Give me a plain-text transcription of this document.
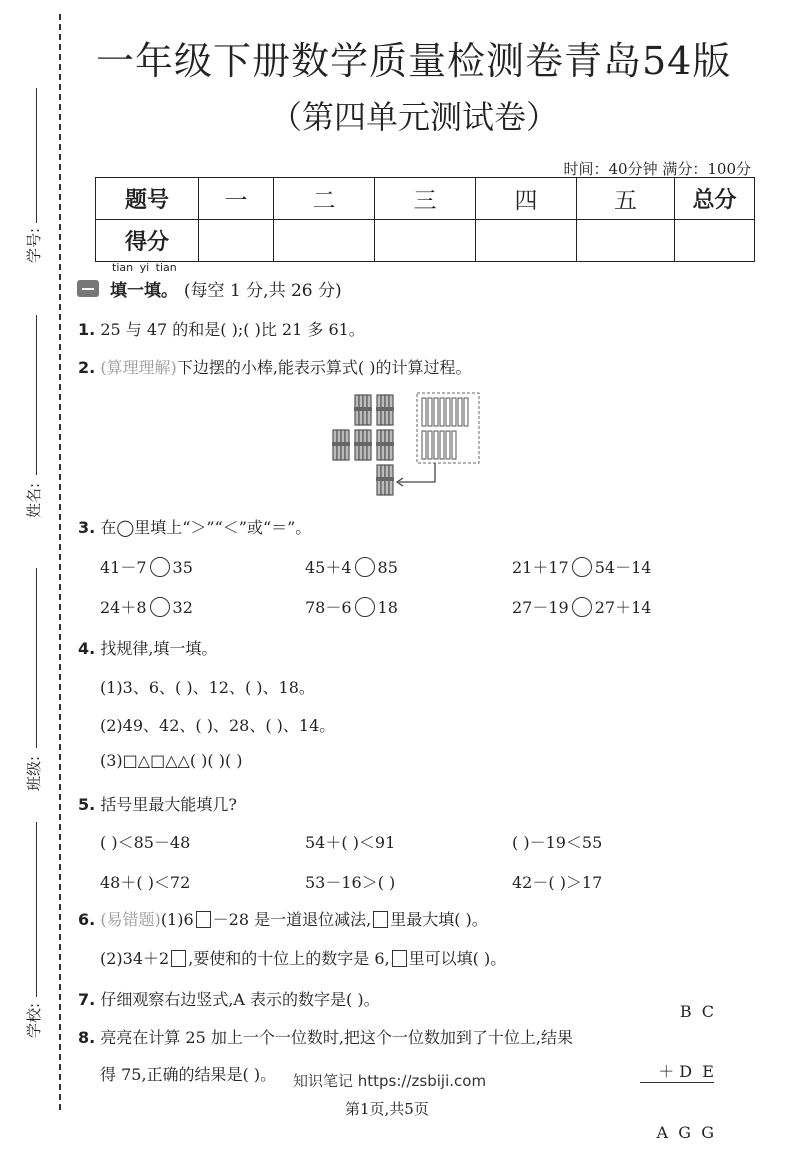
学号:
姓名:
班级:
学校:
一年级下册数学质量检测卷青岛54版
（第四单元测试卷）
时间：40分钟 满分：100分
题号	一	二	三	四	五	总分
得分						
tian yi tian
填一填。 (每空 1 分,共 26 分)
1. 25 与 47 的和是( );( )比 21 多 61。
2. (算理理解)下边摆的小棒,能表示算式( )的计算过程。
3. 在◯里填上“＞”“＜”或“＝”。
41－7 35	45＋4 85	21＋17 54－14
24＋8 32	78－6 18	27－19 27＋14
4. 找规律,填一填。
(1)3、6、( )、12、( )、18。
(2)49、42、( )、28、( )、14。
(3)□△□△△( )( )( )
5. 括号里最大能填几?
( )＜85－48	54＋( )＜91	( )－19＜55
48＋( )＜72	53－16＞( )	42－( )＞17
6. (易错题)(1)6 －28 是一道退位减法, 里最大填( )。
(2)34＋2 ,要使和的十位上的数字是 6, 里可以填( )。
7. 仔细观察右边竖式,A 表示的数字是( )。

B  C

＋ D  E

A  G  G

8. 亮亮在计算 25 加上一个一位数时,把这个一位数加到了十位上,结果
得 75,正确的结果是( )。 知识笔记 https://zsbiji.com
第1页,共5页
